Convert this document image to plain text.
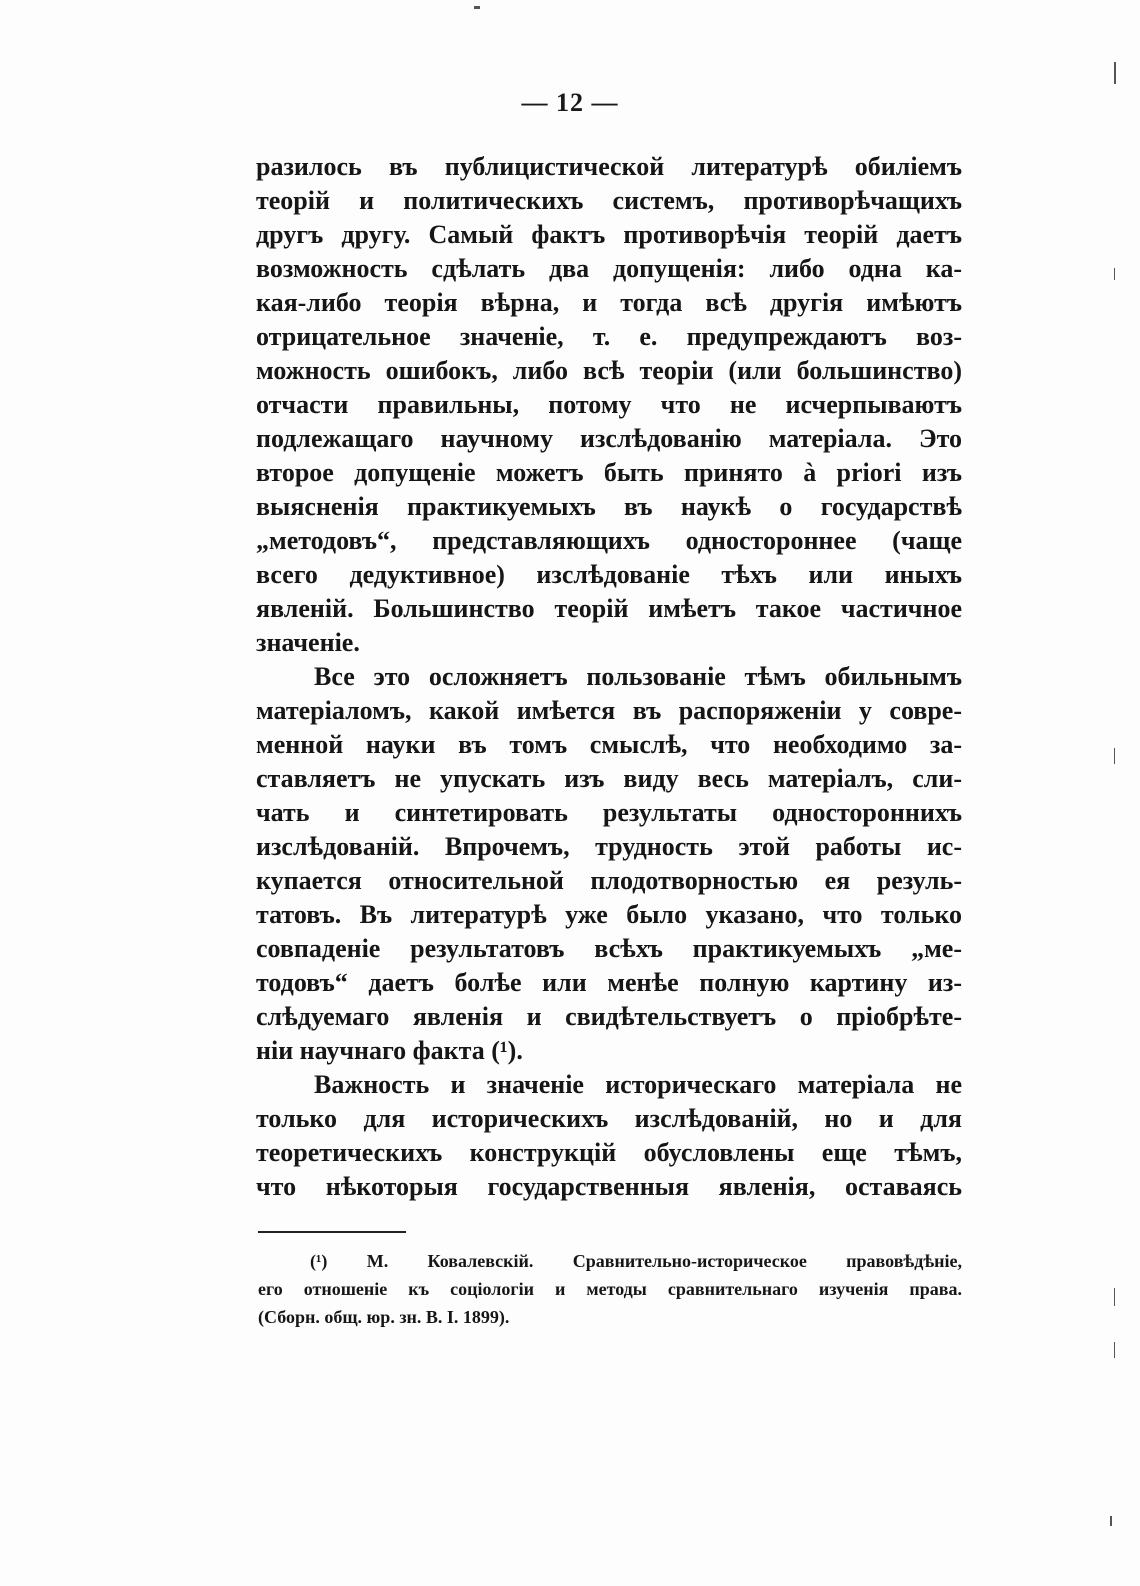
— 12 —
разилось въ публицистической литературѣ обиліемъ
теорій и политическихъ системъ, противорѣчащихъ
другъ другу. Самый фактъ противорѣчія теорій даетъ
возможность сдѣлать два допущенія: либо одна ка-
кая-либо теорія вѣрна, и тогда всѣ другія имѣютъ
отрицательное значеніе, т. е. предупреждаютъ воз-
можность ошибокъ, либо всѣ теоріи (или большинство)
отчасти правильны, потому что не исчерпываютъ
подлежащаго научному изслѣдованію матеріала. Это
второе допущеніе можетъ быть принято à priori изъ
выясненія практикуемыхъ въ наукѣ о государствѣ
„методовъ“, представляющихъ одностороннее (чаще
всего дедуктивное) изслѣдованіе тѣхъ или иныхъ
явленій. Большинство теорій имѣетъ такое частичное
значеніе.
Все это осложняетъ пользованіе тѣмъ обильнымъ
матеріаломъ, какой имѣется въ распоряженіи у совре-
менной науки въ томъ смыслѣ, что необходимо за-
ставляетъ не упускать изъ виду весь матеріалъ, сли-
чать и синтетировать результаты одностороннихъ
изслѣдованій. Впрочемъ, трудность этой работы ис-
купается относительной плодотворностью ея резуль-
татовъ. Въ литературѣ уже было указано, что только
совпаденіе результатовъ всѣхъ практикуемыхъ „ме-
тодовъ“ даетъ болѣе или менѣе полную картину из-
слѣдуемаго явленія и свидѣтельствуетъ о пріобрѣте-
ніи научнаго факта (¹).
Важность и значеніе историческаго матеріала не
только для историческихъ изслѣдованій, но и для
теоретическихъ конструкцій обусловлены еще тѣмъ,
что нѣкоторыя государственныя явленія, оставаясь
(¹) М. Ковалевскій. Сравнительно-историческое правовѣдѣніе,
его отношеніе къ соціологіи и методы сравнительнаго изученія права.
(Сборн. общ. юр. зн. В. I. 1899).
